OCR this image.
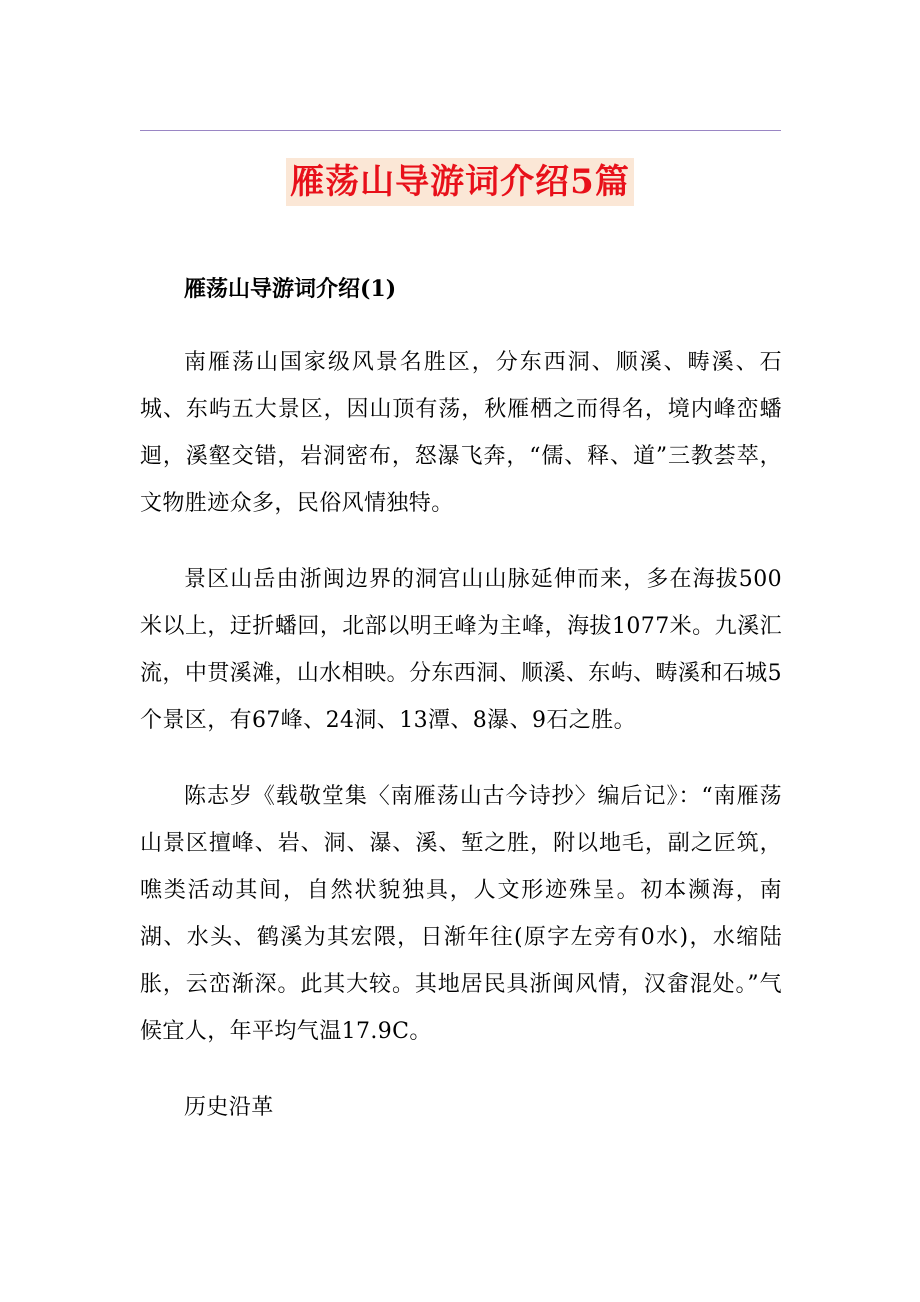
雁荡山导游词介绍5篇

雁荡山导游词介绍(1)

南雁荡山国家级风景名胜区，分东西洞、顺溪、畴溪、石城、东屿五大景区，因山顶有荡，秋雁栖之而得名，境内峰峦蟠迴，溪壑交错，岩洞密布，怒瀑飞奔，“儒、释、道”三教荟萃，文物胜迹众多，民俗风情独特。

景区山岳由浙闽边界的洞宫山山脉延伸而来，多在海拔500米以上，迂折蟠回，北部以明王峰为主峰，海拔1077米。九溪汇流，中贯溪滩，山水相映。分东西洞、顺溪、东屿、畴溪和石城5个景区，有67峰、24洞、13潭、8瀑、9石之胜。

陈志岁《载敬堂集〈南雁荡山古今诗抄〉编后记》：“南雁荡山景区擅峰、岩、洞、瀑、溪、堑之胜，附以地毛，副之匠筑，噍类活动其间，自然状貌独具，人文形迹殊呈。初本濒海，南湖、水头、鹤溪为其宏隈，日渐年往(原字左旁有0水)，水缩陆胀，云峦渐深。此其大较。其地居民具浙闽风情，汉畲混处。”气候宜人，年平均气温17.9C。

历史沿革
